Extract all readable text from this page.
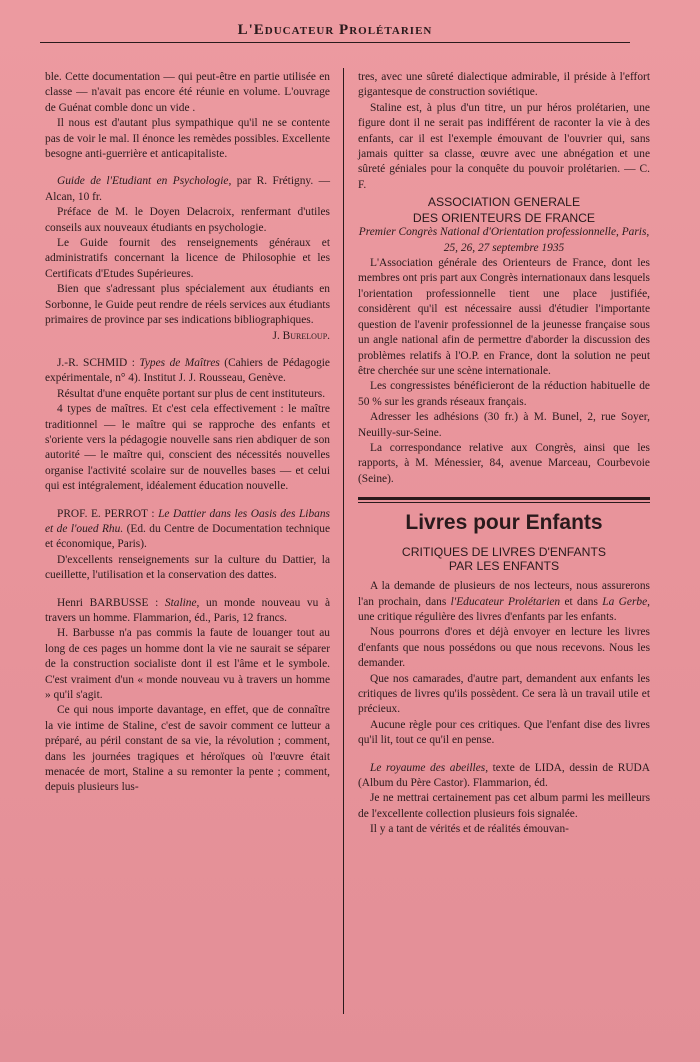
L'Educateur Prolétarien

ble. Cette documentation — qui peut-être en partie utilisée en classe — n'avait pas encore été réunie en volume. L'ouvrage de Guénat comble donc un vide .

Il nous est d'autant plus sympathique qu'il ne se contente pas de voir le mal. Il énonce les remèdes possibles. Excellente besogne anti-guerrière et anticapitaliste.

Guide de l'Etudiant en Psychologie, par R. Frétigny. — Alcan, 10 fr.

Préface de M. le Doyen Delacroix, renfermant d'utiles conseils aux nouveaux étudiants en psychologie.

Le Guide fournit des renseignements généraux et administratifs concernant la licence de Philosophie et les Certificats d'Etudes Supérieures.

Bien que s'adressant plus spécialement aux étudiants en Sorbonne, le Guide peut rendre de réels services aux étudiants primaires de province par ses indications bibliographiques.

J. Bureloup.

J.-R. SCHMID : Types de Maîtres (Cahiers de Pédagogie expérimentale, n° 4). Institut J. J. Rousseau, Genève.

Résultat d'une enquête portant sur plus de cent instituteurs.

4 types de maîtres. Et c'est cela effectivement : le maître traditionnel — le maître qui se rapproche des enfants et s'oriente vers la pédagogie nouvelle sans rien abdiquer de son autorité — le maître qui, conscient des nécessités nouvelles organise l'activité scolaire sur de nouvelles bases — et celui qui est intégralement, idéalement éducation nouvelle.

PROF. E. PERROT : Le Dattier dans les Oasis des Libans et de l'oued Rhu. (Ed. du Centre de Documentation technique et économique, Paris).

D'excellents renseignements sur la culture du Dattier, la cueillette, l'utilisation et la conservation des dattes.

Henri BARBUSSE : Staline, un monde nouveau vu à travers un homme. Flammarion, éd., Paris, 12 francs.

H. Barbusse n'a pas commis la faute de louanger tout au long de ces pages un homme dont la vie ne saurait se séparer de la construction socialiste dont il est l'âme et le symbole. C'est vraiment d'un « monde nouveau vu à travers un homme » qu'il s'agit.

Ce qui nous importe davantage, en effet, que de connaître la vie intime de Staline, c'est de savoir comment ce lutteur a préparé, au péril constant de sa vie, la révolution ; comment, dans les journées tragiques et héroïques où l'œuvre était menacée de mort, Staline a su remonter la pente ; comment, depuis plusieurs lus-

tres, avec une sûreté dialectique admirable, il préside à l'effort gigantesque de construction soviétique.

Staline est, à plus d'un titre, un pur héros prolétarien, une figure dont il ne serait pas indifférent de raconter la vie à des enfants, car il est l'exemple émouvant de l'ouvrier qui, sans jamais quitter sa classe, œuvre avec une abnégation et une sûreté géniales pour la conquête du pouvoir prolétarien. — C. F.

ASSOCIATION GENERALE
DES ORIENTEURS DE FRANCE

Premier Congrès National d'Orientation professionnelle, Paris, 25, 26, 27 septembre 1935

L'Association générale des Orienteurs de France, dont les membres ont pris part aux Congrès internationaux dans lesquels l'orientation professionnelle tient une place justifiée, considèrent qu'il est nécessaire aussi d'étudier l'importante question de l'avenir professionnel de la jeunesse française sous un angle national afin de permettre d'aborder la discussion des problèmes relatifs à l'O.P. en France, dont la solution ne peut être cherchée sur une scène internationale.

Les congressistes bénéficieront de la réduction habituelle de 50 % sur les grands réseaux français.

Adresser les adhésions (30 fr.) à M. Bunel, 2, rue Soyer, Neuilly-sur-Seine.

La correspondance relative aux Congrès, ainsi que les rapports, à M. Ménessier, 84, avenue Marceau, Courbevoie (Seine).

Livres pour Enfants
CRITIQUES DE LIVRES D'ENFANTS
PAR LES ENFANTS

A la demande de plusieurs de nos lecteurs, nous assurerons l'an prochain, dans l'Educateur Prolétarien et dans La Gerbe, une critique régulière des livres d'enfants par les enfants.

Nous pourrons d'ores et déjà envoyer en lecture les livres d'enfants que nous possédons ou que nous recevons. Nous les demander.

Que nos camarades, d'autre part, demandent aux enfants les critiques de livres qu'ils possèdent. Ce sera là un travail utile et précieux.

Aucune règle pour ces critiques. Que l'enfant dise des livres qu'il lit, tout ce qu'il en pense.

Le royaume des abeilles, texte de LIDA, dessin de RUDA (Album du Père Castor). Flammarion, éd.

Je ne mettrai certainement pas cet album parmi les meilleurs de l'excellente collection plusieurs fois signalée.

Il y a tant de vérités et de réalités émouvan-
